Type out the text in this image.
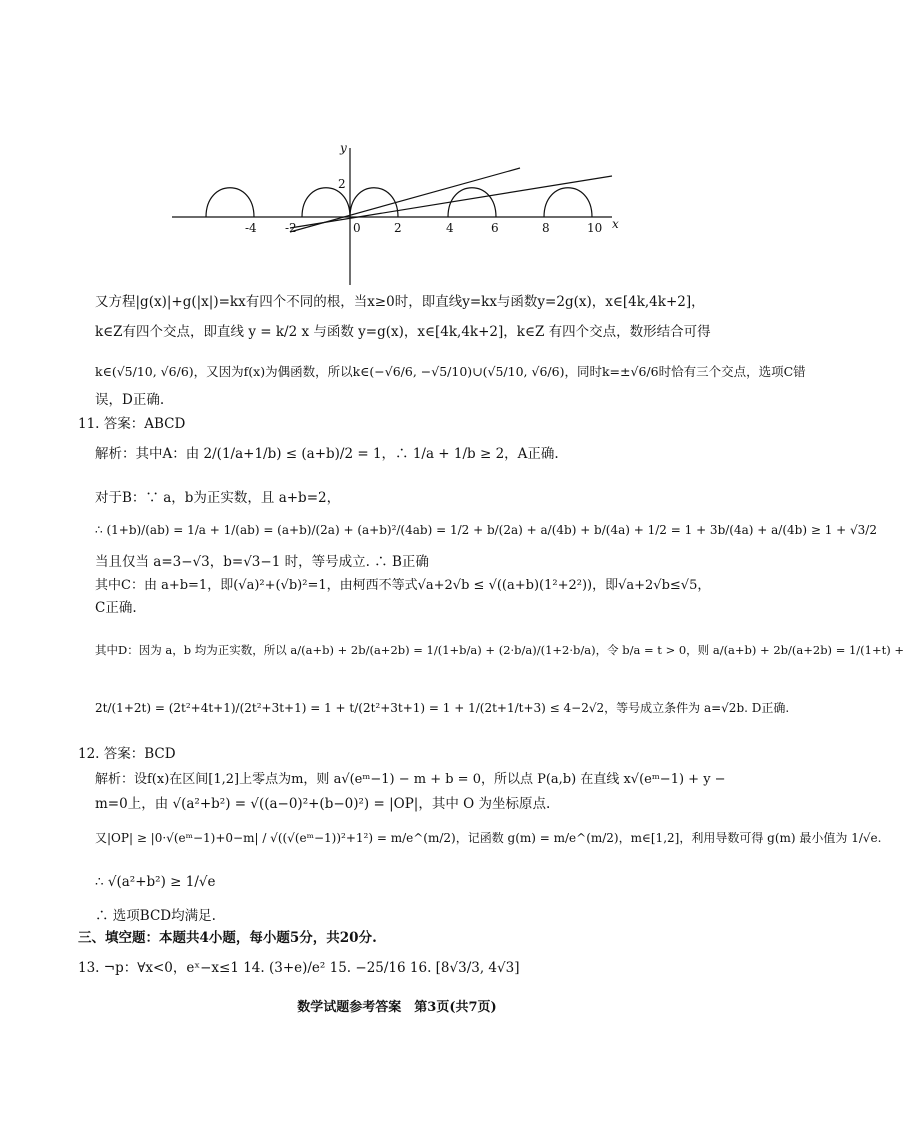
y
x
2
-4 -2	0	2	4	6	8	10
又方程|g(x)|+g(|x|)=kx有四个不同的根，当x≥0时，即直线y=kx与函数y=2g(x)，x∈[4k,4k+2]，
k∈Z有四个交点，即直线 y = k/2 x 与函数 y=g(x)，x∈[4k,4k+2]，k∈Z 有四个交点，数形结合可得
k∈(√5/10, √6/6)，又因为f(x)为偶函数，所以k∈(−√6/6, −√5/10)∪(√5/10, √6/6)，同时k=±√6/6时恰有三个交点，选项C错
误，D正确.
11. 答案：ABCD
解析：其中A：由 2/(1/a+1/b) ≤ (a+b)/2 = 1，∴ 1/a + 1/b ≥ 2，A正确.
对于B：∵ a，b为正实数，且 a+b=2，
∴ (1+b)/(ab) = 1/a + 1/(ab) = (a+b)/(2a) + (a+b)²/(4ab) = 1/2 + b/(2a) + a/(4b) + b/(4a) + 1/2 = 1 + 3b/(4a) + a/(4b) ≥ 1 + √3/2
当且仅当 a=3−√3，b=√3−1 时，等号成立. ∴ B正确
其中C：由 a+b=1，即(√a)²+(√b)²=1，由柯西不等式√a+2√b ≤ √((a+b)(1²+2²))，即√a+2√b≤√5，
C正确.
其中D：因为 a，b 均为正实数，所以 a/(a+b) + 2b/(a+2b) = 1/(1+b/a) + (2·b/a)/(1+2·b/a)，令 b/a = t > 0，则 a/(a+b) + 2b/(a+2b) = 1/(1+t) +
2t/(1+2t) = (2t²+4t+1)/(2t²+3t+1) = 1 + t/(2t²+3t+1) = 1 + 1/(2t+1/t+3) ≤ 4−2√2，等号成立条件为 a=√2b. D正确.
12. 答案：BCD
解析：设f(x)在区间[1,2]上零点为m，则 a√(eᵐ−1) − m + b = 0，所以点 P(a,b) 在直线 x√(eᵐ−1) + y −
m=0上，由 √(a²+b²) = √((a−0)²+(b−0)²) = |OP|，其中 O 为坐标原点.
又|OP| ≥ |0·√(eᵐ−1)+0−m| / √((√(eᵐ−1))²+1²) = m/e^(m/2)，记函数 g(m) = m/e^(m/2)，m∈[1,2]，利用导数可得 g(m) 最小值为 1/√e.
∴ √(a²+b²) ≥ 1/√e
∴ 选项BCD均满足.
三、填空题：本题共4小题，每小题5分，共20分.
13. ¬p：∀x<0，eˣ−x≤1 14. (3+e)/e² 15. −25/16 16. [8√3/3, 4√3]
数学试题参考答案　第3页(共7页)
